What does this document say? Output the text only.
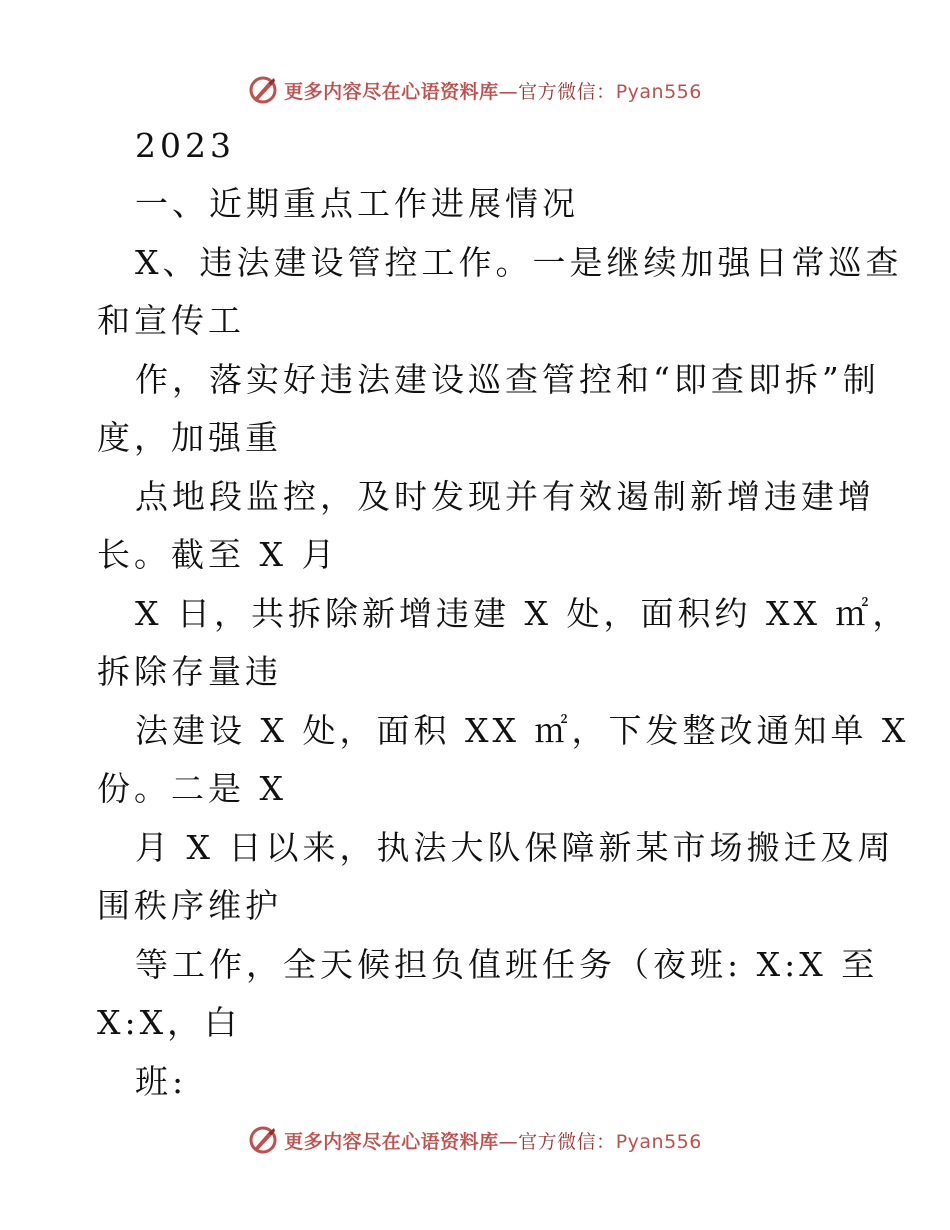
更多内容尽在心语资料库—官方微信：Pyan556
2023
一、近期重点工作进展情况
X、违法建设管控工作。一是继续加强日常巡查
和宣传工
作，落实好违法建设巡查管控和“即查即拆”制
度，加强重
点地段监控，及时发现并有效遏制新增违建增
长。截至 X 月
X 日，共拆除新增违建 X 处，面积约 XX ㎡，
拆除存量违
法建设 X 处，面积 XX ㎡，下发整改通知单 X
份。二是 X
月 X 日以来，执法大队保障新某市场搬迁及周
围秩序维护
等工作，全天候担负值班任务（夜班: X:X 至
X:X，白
班:
更多内容尽在心语资料库—官方微信：Pyan556
